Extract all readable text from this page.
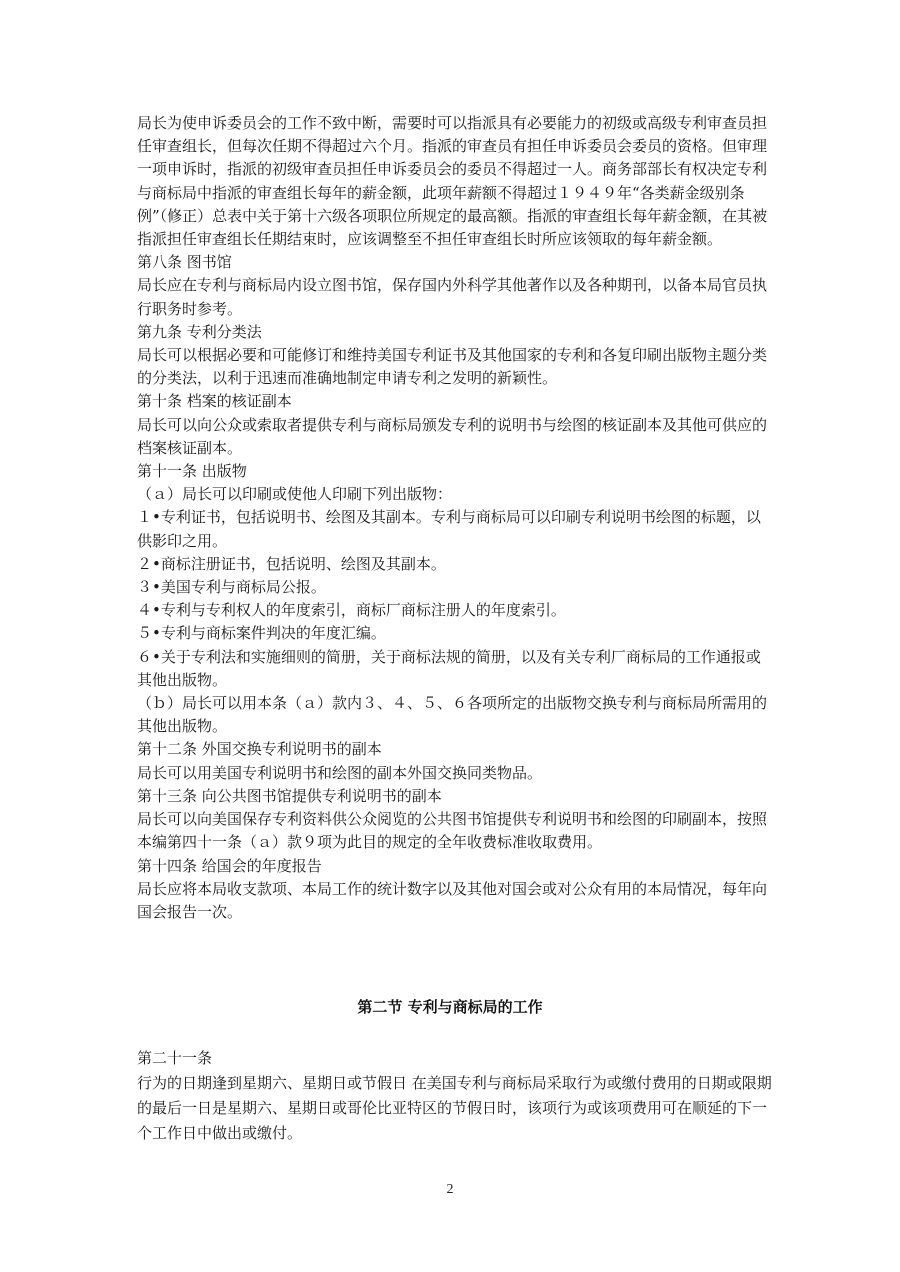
局长为使申诉委员会的工作不致中断，需要时可以指派具有必要能力的初级或高级专利审查员担任审查组长，但每次任期不得超过六个月。指派的审查员有担任申诉委员会委员的资格。但审理一项申诉时，指派的初级审查员担任申诉委员会的委员不得超过一人。商务部部长有权决定专利与商标局中指派的审查组长每年的薪金额，此项年薪额不得超过１９４９年“各类薪金级别条例”（修正）总表中关于第十六级各项职位所规定的最高额。指派的审查组长每年薪金额，在其被指派担任审查组长任期结束时，应该调整至不担任审查组长时所应该领取的每年薪金额。

第八条 图书馆

局长应在专利与商标局内设立图书馆，保存国内外科学其他著作以及各种期刊，以备本局官员执行职务时参考。

第九条 专利分类法

局长可以根据必要和可能修订和维持美国专利证书及其他国家的专利和各复印刷出版物主题分类的分类法，以利于迅速而准确地制定申请专利之发明的新颖性。

第十条 档案的核证副本

局长可以向公众或索取者提供专利与商标局颁发专利的说明书与绘图的核证副本及其他可供应的档案核证副本。

第十一条 出版物

（ａ）局长可以印刷或使他人印刷下列出版物：

１•专利证书，包括说明书、绘图及其副本。专利与商标局可以印刷专利说明书绘图的标题，以供影印之用。

２•商标注册证书，包括说明、绘图及其副本。

３•美国专利与商标局公报。

４•专利与专利权人的年度索引，商标厂商标注册人的年度索引。

５•专利与商标案件判决的年度汇编。

６•关于专利法和实施细则的简册，关于商标法规的简册，以及有关专利厂商标局的工作通报或其他出版物。

（ｂ）局长可以用本条（ａ）款内３、４、５、６各项所定的出版物交换专利与商标局所需用的其他出版物。

第十二条 外国交换专利说明书的副本

局长可以用美国专利说明书和绘图的副本外国交换同类物品。

第十三条 向公共图书馆提供专利说明书的副本

局长可以向美国保存专利资料供公众阅览的公共图书馆提供专利说明书和绘图的印刷副本，按照本编第四十一条（ａ）款９项为此目的规定的全年收费标准收取费用。

第十四条 给国会的年度报告

局长应将本局收支款项、本局工作的统计数字以及其他对国会或对公众有用的本局情况，每年向国会报告一次。

第二节 专利与商标局的工作

第二十一条

行为的日期逢到星期六、星期日或节假日 在美国专利与商标局采取行为或缴付费用的日期或限期的最后一日是星期六、星期日或哥伦比亚特区的节假日时，该项行为或该项费用可在顺延的下一个工作日中做出或缴付。

2
